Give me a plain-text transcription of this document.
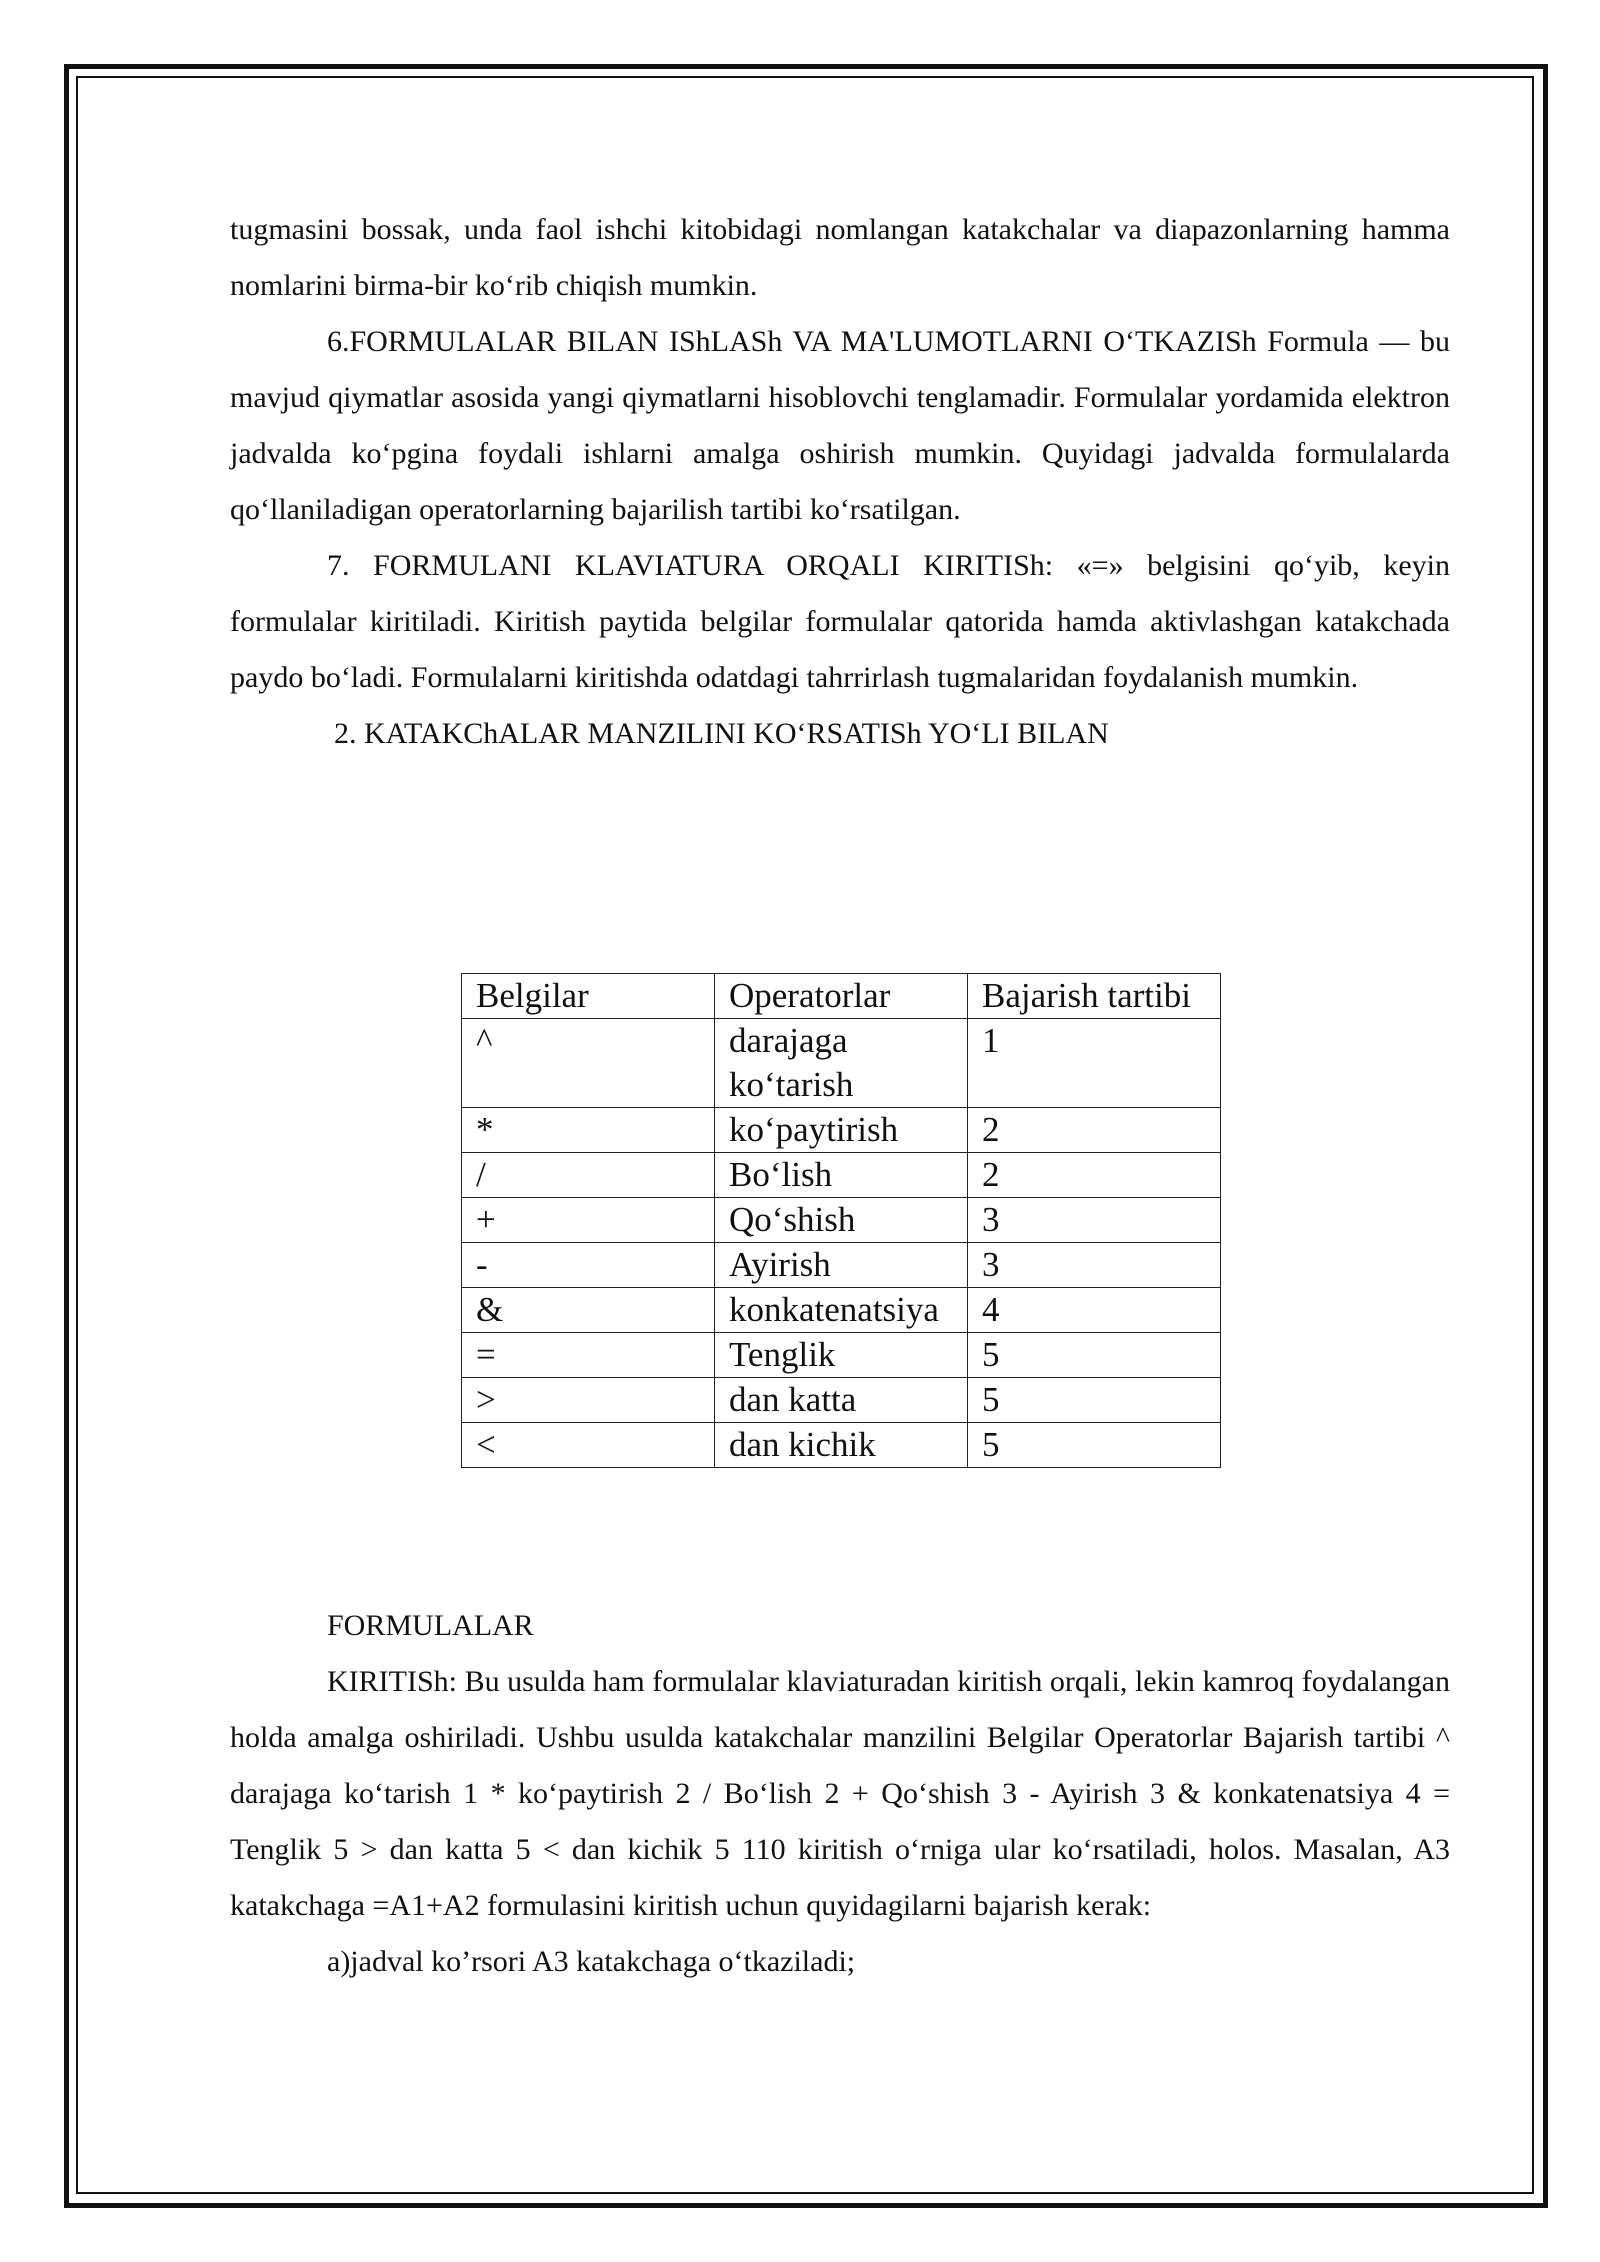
tugmasini bossak, unda faol ishchi kitobidagi nomlangan katakchalar va diapazonlarning hamma nomlarini birma-bir ko‘rib chiqish mumkin.

6.FORMULALAR BILAN IShLASh VA MA'LUMOTLARNI O‘TKAZISh Formula — bu mavjud qiymatlar asosida yangi qiymatlarni hisoblovchi tenglamadir. Formulalar yordamida elektron jadvalda ko‘pgina foydali ishlarni amalga oshirish mumkin. Quyidagi jadvalda formulalarda qo‘llaniladigan operatorlarning bajarilish tartibi ko‘rsatilgan.

7. FORMULANI KLAVIATURA ORQALI KIRITISh: «=» belgisini qo‘yib, keyin formulalar kiritiladi. Kiritish paytida belgilar formulalar qatorida hamda aktivlashgan katakchada paydo bo‘ladi. Formulalarni kiritishda odatdagi tahrrirlash tugmalaridan foydalanish mumkin.

2. KATAKChALAR MANZILINI KO‘RSATISh YO‘LI BILAN

Belgilar	Operatorlar	Bajarish tartibi
^	darajaga ko‘tarish	1
*	ko‘paytirish	2
/	Bo‘lish	2
+	Qo‘shish	3
-	Ayirish	3
&	konkatenatsiya	4
=	Tenglik	5
>	dan katta	5
<	dan kichik	5

FORMULALAR

KIRITISh: Bu usulda ham formulalar klaviaturadan kiritish orqali, lekin kamroq foydalangan holda amalga oshiriladi. Ushbu usulda katakchalar manzilini Belgilar Operatorlar Bajarish tartibi ^ darajaga ko‘tarish 1 * ko‘paytirish 2 / Bo‘lish 2 + Qo‘shish 3 - Ayirish 3 & konkatenatsiya 4 = Tenglik 5 > dan katta 5 < dan kichik 5 110 kiritish o‘rniga ular ko‘rsatiladi, holos. Masalan, A3 katakchaga =A1+A2 formulasini kiritish uchun quyidagilarni bajarish kerak:

a)jadval ko’rsori A3 katakchaga o‘tkaziladi;
